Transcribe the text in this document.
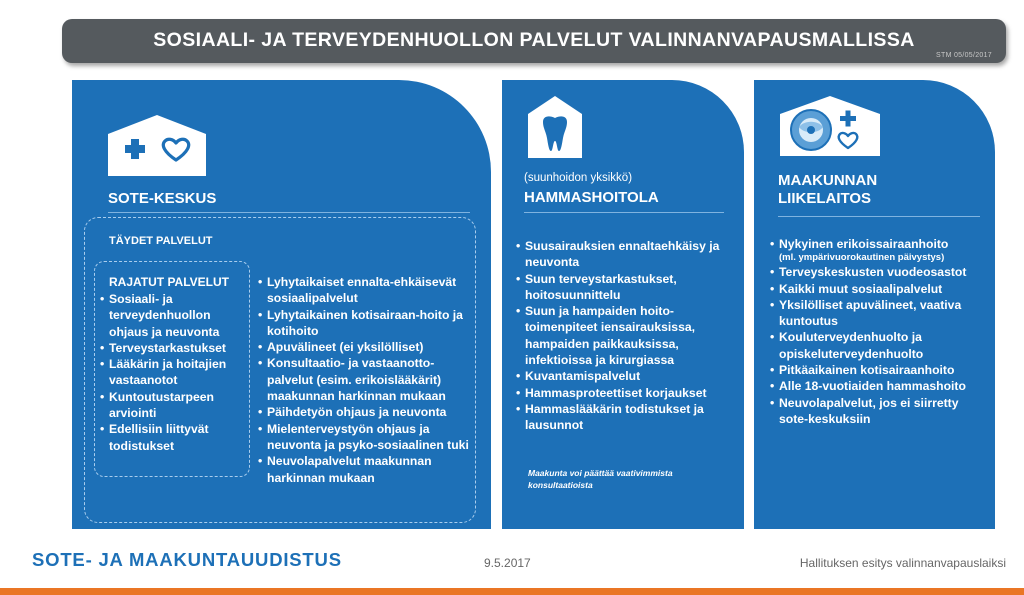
SOSIAALI- JA TERVEYDENHUOLLON PALVELUT VALINNANVAPAUSMALLISSA
STM 05/05/2017
SOTE-KESKUS
TÄYDET PALVELUT
RAJATUT PALVELUT
• Sosiaali- ja terveydenhuollon ohjaus ja neuvonta
• Terveystarkastukset
• Lääkärin ja hoitajien vastaanotot
• Kuntoutustarpeen arviointi
• Edellisiin liittyvät todistukset
• Lyhytaikaiset ennalta-ehkäisevät sosiaalipalvelut
• Lyhytaikainen kotisairaan-hoito ja kotihoito
• Apuvälineet (ei yksilölliset)
• Konsultaatio- ja vastaanotto-palvelut (esim. erikoislääkärit) maakunnan harkinnan mukaan
• Päihdetyön ohjaus ja neuvonta
• Mielenterveystyön ohjaus ja neuvonta ja psyko-sosiaalinen tuki
• Neuvolapalvelut maakunnan harkinnan mukaan
(suunhoidon yksikkö)
HAMMASHOITOLA
• Suusairauksien ennaltaehkäisy ja neuvonta
• Suun terveystarkastukset, hoitosuunnittelu
• Suun ja hampaiden hoito-toimenpiteet iensairauksissa, hampaiden paikkauksissa, infektioissa ja kirurgiassa
• Kuvantamispalvelut
• Hammasproteettiset korjaukset
• Hammaslääkärin todistukset ja lausunnot
Maakunta voi päättää vaativimmista konsultaatioista
MAAKUNNAN
LIIKELAITOS
• Nykyinen erikoissairaanhoito
(ml. ympärivuorokautinen päivystys)
• Terveyskeskusten vuodeosastot
• Kaikki muut sosiaalipalvelut
• Yksilölliset apuvälineet, vaativa kuntoutus
• Kouluterveydenhuolto ja opiskeluterveydenhuolto
• Pitkäaikainen kotisairaanhoito
• Alle 18-vuotiaiden hammashoito
• Neuvolapalvelut, jos ei siirretty sote-keskuksiin
SOTE- JA MAAKUNTAUUDISTUS	9.5.2017	Hallituksen esitys valinnanvapauslaiksi
